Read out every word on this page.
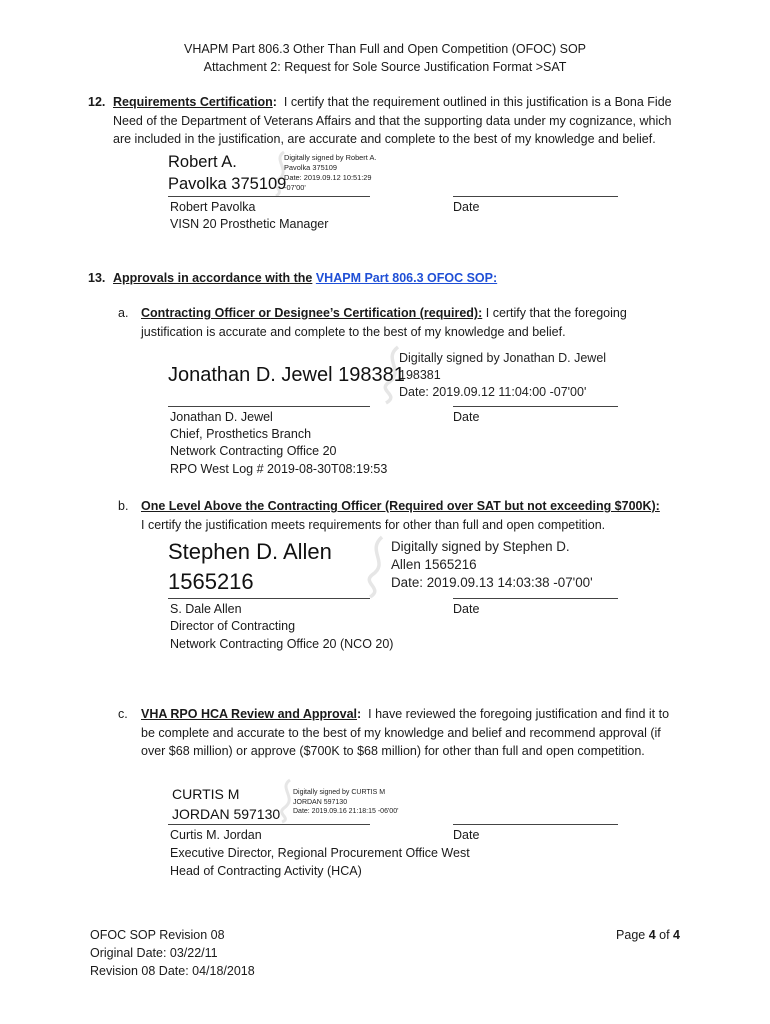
VHAPM Part 806.3 Other Than Full and Open Competition (OFOC) SOP
Attachment 2: Request for Sole Source Justification Format >SAT
12. Requirements Certification: I certify that the requirement outlined in this justification is a Bona Fide Need of the Department of Veterans Affairs and that the supporting data under my cognizance, which are included in the justification, are accurate and complete to the best of my knowledge and belief.
Robert A.
Pavolka 375109
Digitally signed by Robert A.
Pavolka 375109
Date: 2019.09.12 10:51:29
-07'00'
Robert Pavolka	Date
VISN 20 Prosthetic Manager
13. Approvals in accordance with the VHAPM Part 806.3 OFOC SOP:
a. Contracting Officer or Designee’s Certification (required): I certify that the foregoing justification is accurate and complete to the best of my knowledge and belief.
Jonathan D. Jewel 198381
Digitally signed by Jonathan D. Jewel
198381
Date: 2019.09.12 11:04:00 -07'00'
Jonathan D. Jewel	Date
Chief, Prosthetics Branch
Network Contracting Office 20
RPO West Log # 2019-08-30T08:19:53
b. One Level Above the Contracting Officer (Required over SAT but not exceeding $700K): I certify the justification meets requirements for other than full and open competition.
Stephen D. Allen
1565216
Digitally signed by Stephen D.
Allen 1565216
Date: 2019.09.13 14:03:38 -07'00'
S. Dale Allen	Date
Director of Contracting
Network Contracting Office 20 (NCO 20)
c. VHA RPO HCA Review and Approval: I have reviewed the foregoing justification and find it to be complete and accurate to the best of my knowledge and belief and recommend approval (if over $68 million) or approve ($700K to $68 million) for other than full and open competition.
CURTIS M
JORDAN 597130
Digitally signed by CURTIS M
JORDAN 597130
Date: 2019.09.16 21:18:15 -06'00'
Curtis M. Jordan	Date
Executive Director, Regional Procurement Office West
Head of Contracting Activity (HCA)
OFOC SOP Revision 08
Original Date: 03/22/11
Revision 08 Date: 04/18/2018
Page 4 of 4
